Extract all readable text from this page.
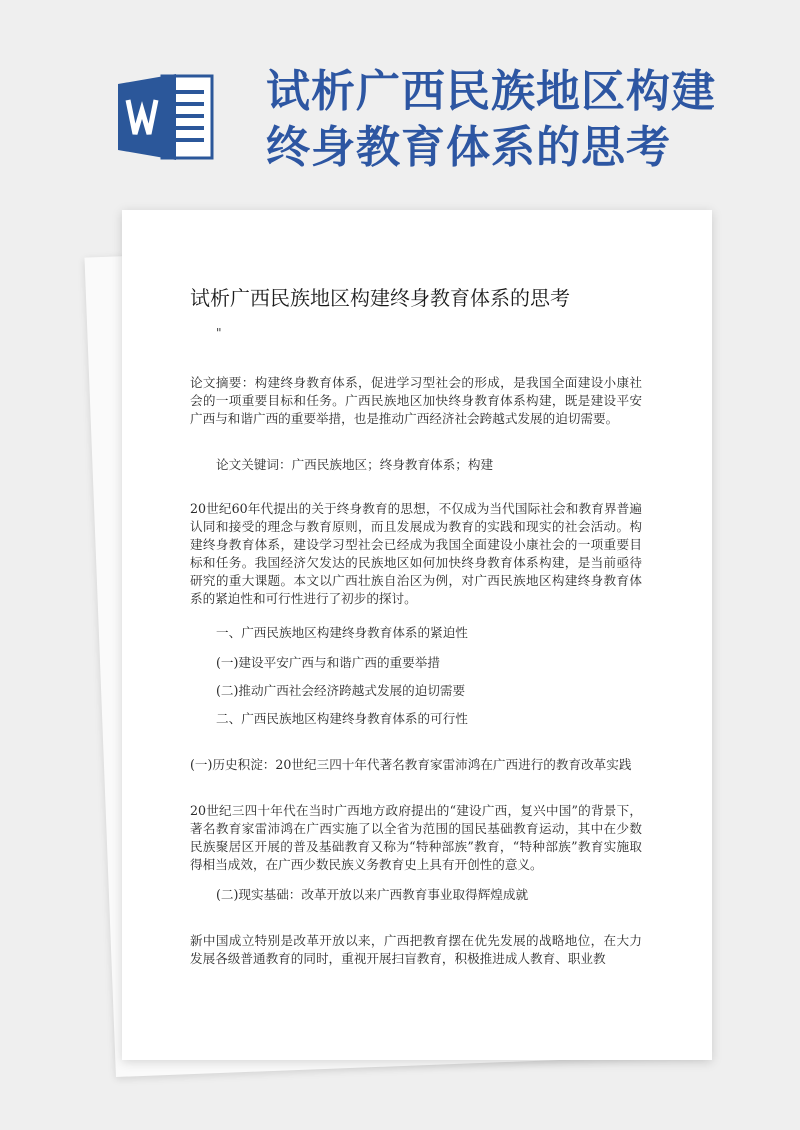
试析广西民族地区构建
终身教育体系的思考
试析广西民族地区构建终身教育体系的思考
"

论文摘要：构建终身教育体系，促进学习型社会的形成，是我国全面建设小康社会的一项重要目标和任务。广西民族地区加快终身教育体系构建，既是建设平安广西与和谐广西的重要举措，也是推动广西经济社会跨越式发展的迫切需要。

论文关键词：广西民族地区；终身教育体系；构建

20世纪60年代提出的关于终身教育的思想，不仅成为当代国际社会和教育界普遍认同和接受的理念与教育原则，而且发展成为教育的实践和现实的社会活动。构建终身教育体系，建设学习型社会已经成为我国全面建设小康社会的一项重要目标和任务。我国经济欠发达的民族地区如何加快终身教育体系构建，是当前亟待研究的重大课题。本文以广西壮族自治区为例，对广西民族地区构建终身教育体系的紧迫性和可行性进行了初步的探讨。

一、广西民族地区构建终身教育体系的紧迫性

(一)建设平安广西与和谐广西的重要举措

(二)推动广西社会经济跨越式发展的迫切需要

二、广西民族地区构建终身教育体系的可行性

(一)历史积淀：20世纪三四十年代著名教育家雷沛鸿在广西进行的教育改革实践

20世纪三四十年代在当时广西地方政府提出的“建设广西，复兴中国”的背景下，著名教育家雷沛鸿在广西实施了以全省为范围的国民基础教育运动，其中在少数民族聚居区开展的普及基础教育又称为“特种部族”教育，“特种部族”教育实施取得相当成效，在广西少数民族义务教育史上具有开创性的意义。

(二)现实基础：改革开放以来广西教育事业取得辉煌成就

新中国成立特别是改革开放以来，广西把教育摆在优先发展的战略地位，在大力发展各级普通教育的同时，重视开展扫盲教育，积极推进成人教育、职业教
